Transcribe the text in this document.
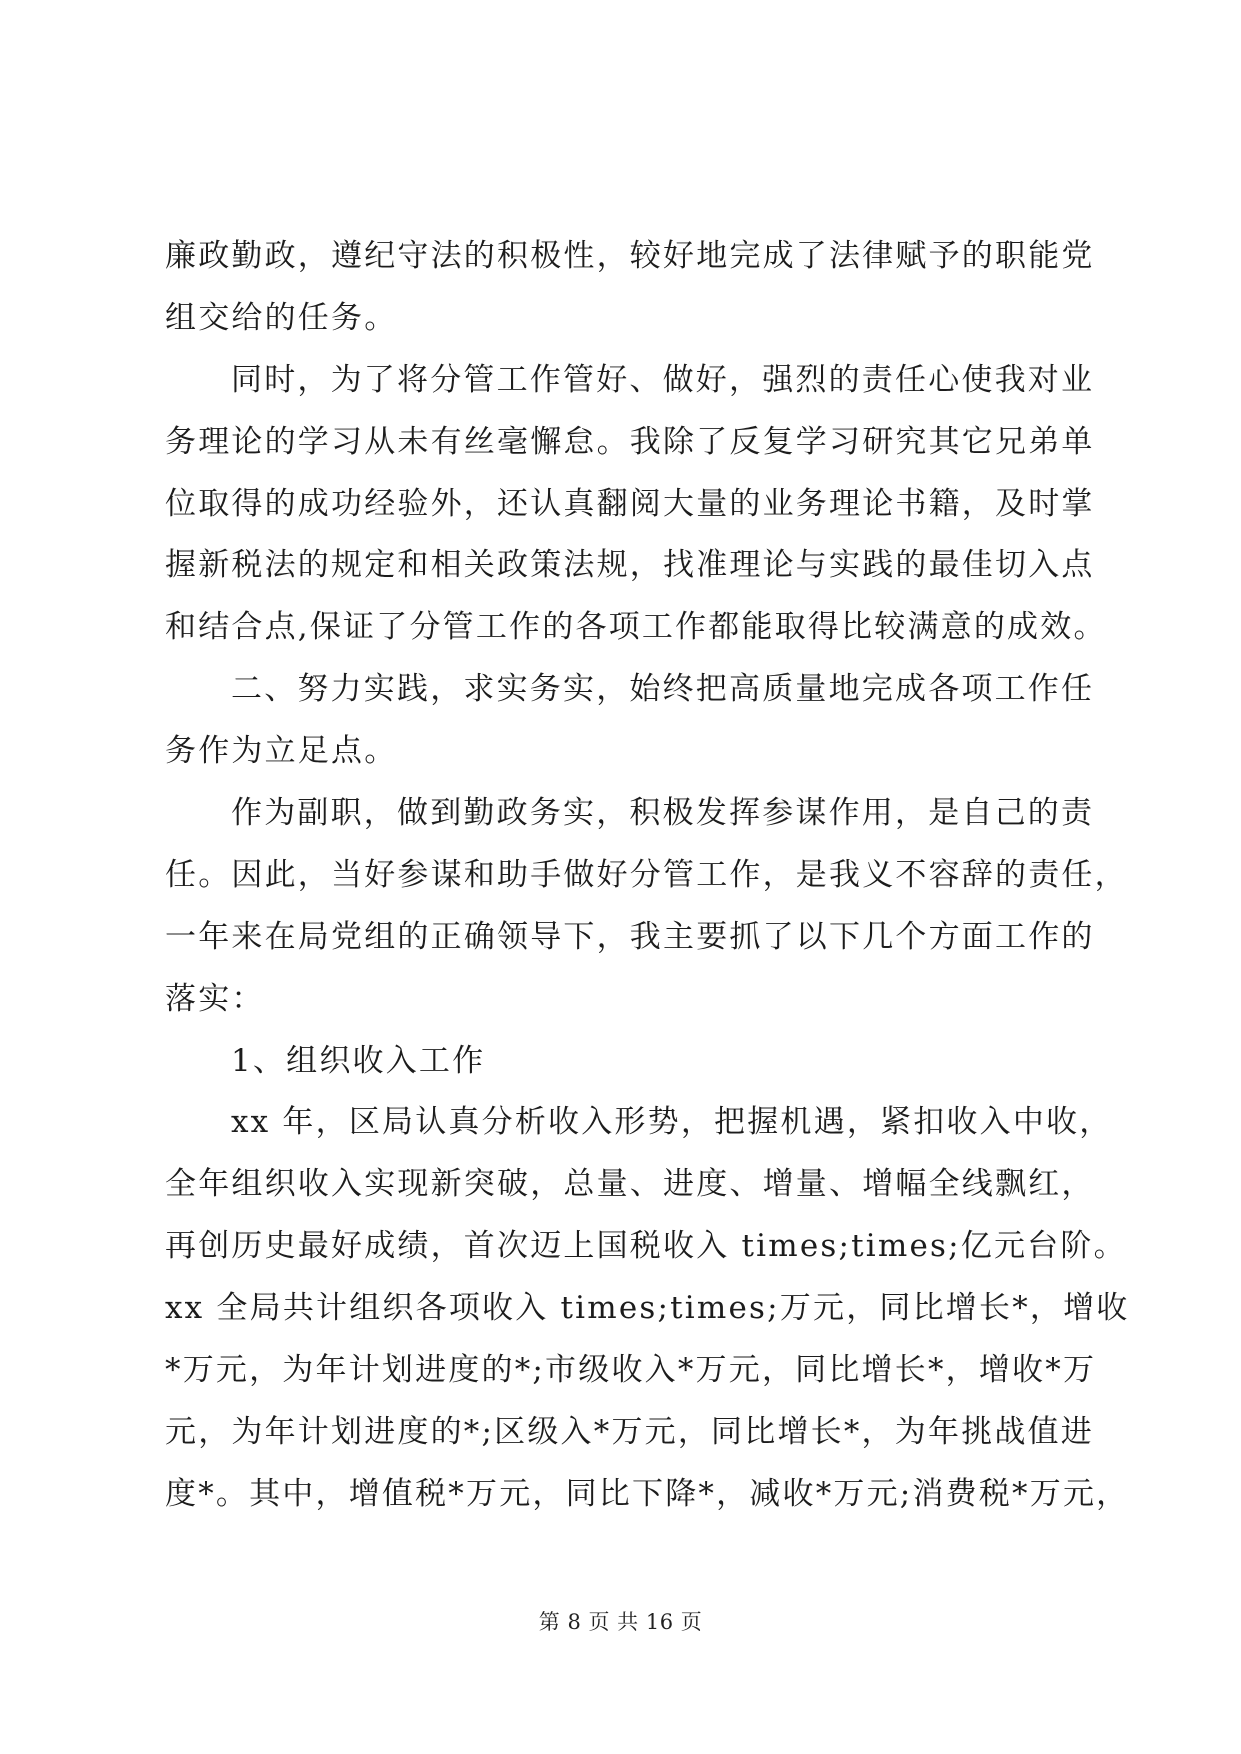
廉政勤政，遵纪守法的积极性，较好地完成了法律赋予的职能党
组交给的任务。
同时，为了将分管工作管好、做好，强烈的责任心使我对业
务理论的学习从未有丝毫懈怠。我除了反复学习研究其它兄弟单
位取得的成功经验外，还认真翻阅大量的业务理论书籍，及时掌
握新税法的规定和相关政策法规，找准理论与实践的最佳切入点
和结合点,保证了分管工作的各项工作都能取得比较满意的成效。
二、努力实践，求实务实，始终把高质量地完成各项工作任
务作为立足点。
作为副职，做到勤政务实，积极发挥参谋作用，是自己的责
任。因此，当好参谋和助手做好分管工作，是我义不容辞的责任，
一年来在局党组的正确领导下，我主要抓了以下几个方面工作的
落实：
1、组织收入工作
xx 年，区局认真分析收入形势，把握机遇，紧扣收入中收，
全年组织收入实现新突破，总量、进度、增量、增幅全线飘红，
再创历史最好成绩，首次迈上国税收入 times;times;亿元台阶。
xx 全局共计组织各项收入 times;times;万元，同比增长*，增收
*万元，为年计划进度的*;市级收入*万元，同比增长*，增收*万
元，为年计划进度的*;区级入*万元，同比增长*，为年挑战值进
度*。其中，增值税*万元，同比下降*，减收*万元;消费税*万元，
第 8 页 共 16 页
